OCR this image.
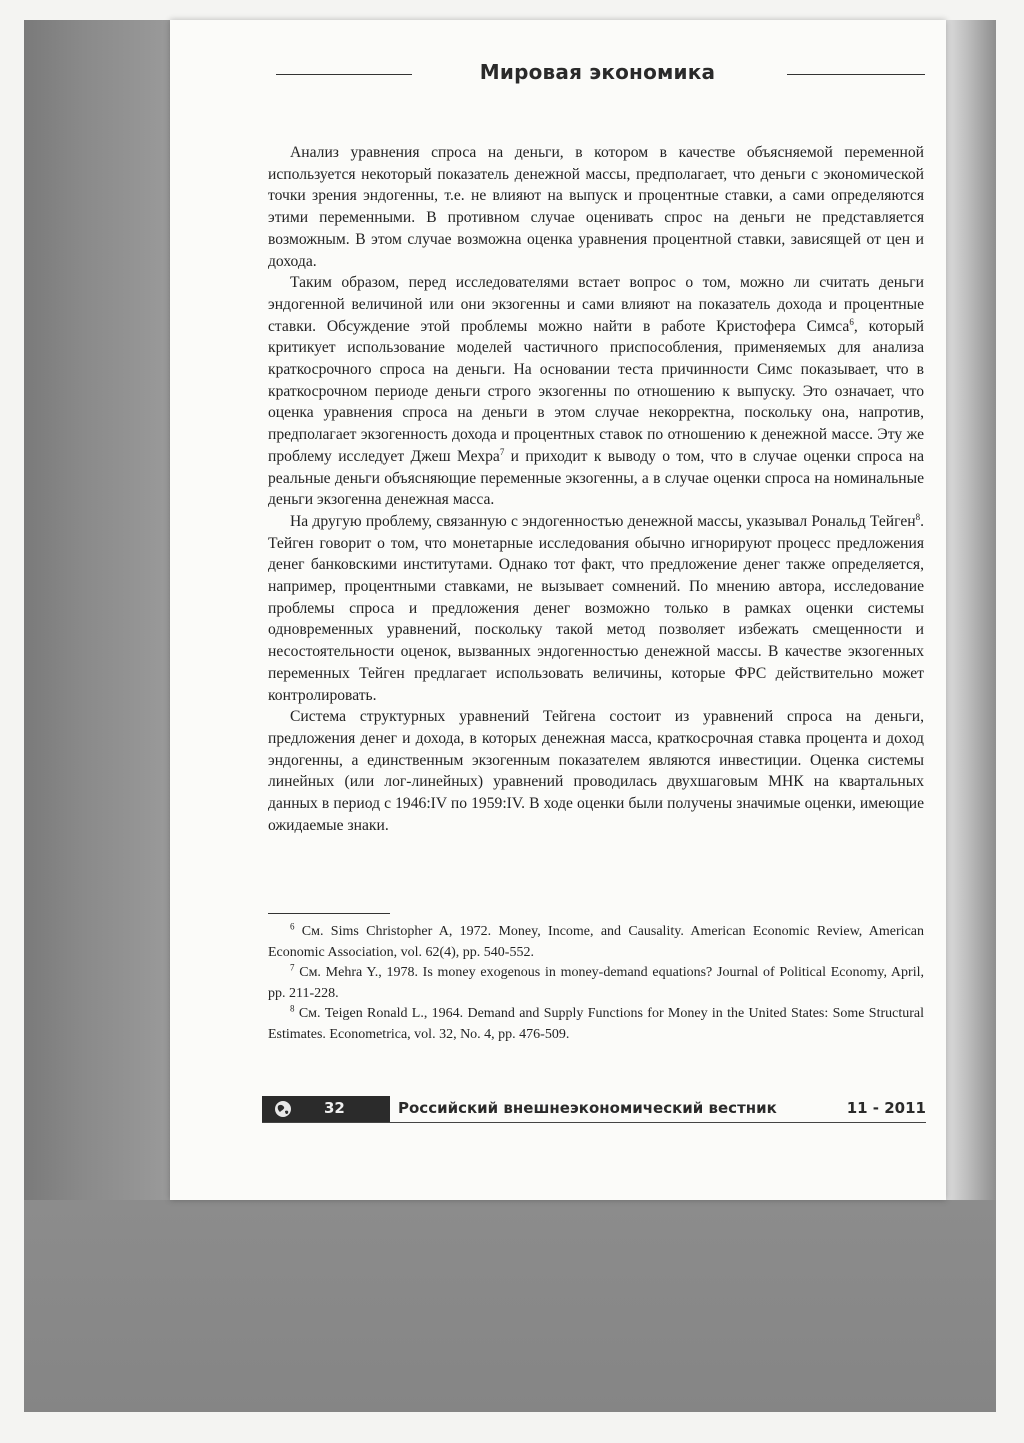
Мировая экономика

Анализ уравнения спроса на деньги, в котором в качестве объясняемой переменной используется некоторый показатель денежной массы, предполагает, что деньги с экономической точки зрения эндогенны, т.е. не влияют на выпуск и процентные ставки, а сами определяются этими переменными. В противном случае оценивать спрос на деньги не представляется возможным. В этом случае возможна оценка уравнения процентной ставки, зависящей от цен и дохода.

Таким образом, перед исследователями встает вопрос о том, можно ли считать деньги эндогенной величиной или они экзогенны и сами влияют на показатель дохода и процентные ставки. Обсуждение этой проблемы можно найти в работе Кристофера Симса$^6$, который критикует использование моделей частичного приспособления, применяемых для анализа краткосрочного спроса на деньги. На основании теста причинности Симс показывает, что в краткосрочном периоде деньги строго экзогенны по отношению к выпуску. Это означает, что оценка уравнения спроса на деньги в этом случае некорректна, поскольку она, напротив, предполагает экзогенность дохода и процентных ставок по отношению к денежной массе. Эту же проблему исследует Джеш Мехра$^7$ и приходит к выводу о том, что в случае оценки спроса на реальные деньги объясняющие переменные экзогенны, а в случае оценки спроса на номинальные деньги экзогенна денежная масса.

На другую проблему, связанную с эндогенностью денежной массы, указывал Рональд Тейген$^8$. Тейген говорит о том, что монетарные исследования обычно игнорируют процесс предложения денег банковскими институтами. Однако тот факт, что предложение денег также определяется, например, процентными ставками, не вызывает сомнений. По мнению автора, исследование проблемы спроса и предложения денег возможно только в рамках оценки системы одновременных уравнений, поскольку такой метод позволяет избежать смещенности и несостоятельности оценок, вызванных эндогенностью денежной массы. В качестве экзогенных переменных Тейген предлагает использовать величины, которые ФРС действительно может контролировать.

Система структурных уравнений Тейгена состоит из уравнений спроса на деньги, предложения денег и дохода, в которых денежная масса, краткосрочная ставка процента и доход эндогенны, а единственным экзогенным показателем являются инвестиции. Оценка системы линейных (или лог-линейных) уравнений проводилась двухшаговым МНК на квартальных данных в период с 1946:IV по 1959:IV. В ходе оценки были получены значимые оценки, имеющие ожидаемые знаки.

$^6$ См. Sims Christopher A, 1972. Money, Income, and Causality. American Economic Review, American Economic Association, vol. 62(4), pp. 540-552.

$^7$ См. Mehra Y., 1978. Is money exogenous in money-demand equations? Journal of Political Economy, April, pp. 211-228.

$^8$ См. Teigen Ronald L., 1964. Demand and Supply Functions for Money in the United States: Some Structural Estimates. Econometrica, vol. 32, No. 4, pp. 476-509.

32	Российский внешнеэкономический вестник	11 - 2011
